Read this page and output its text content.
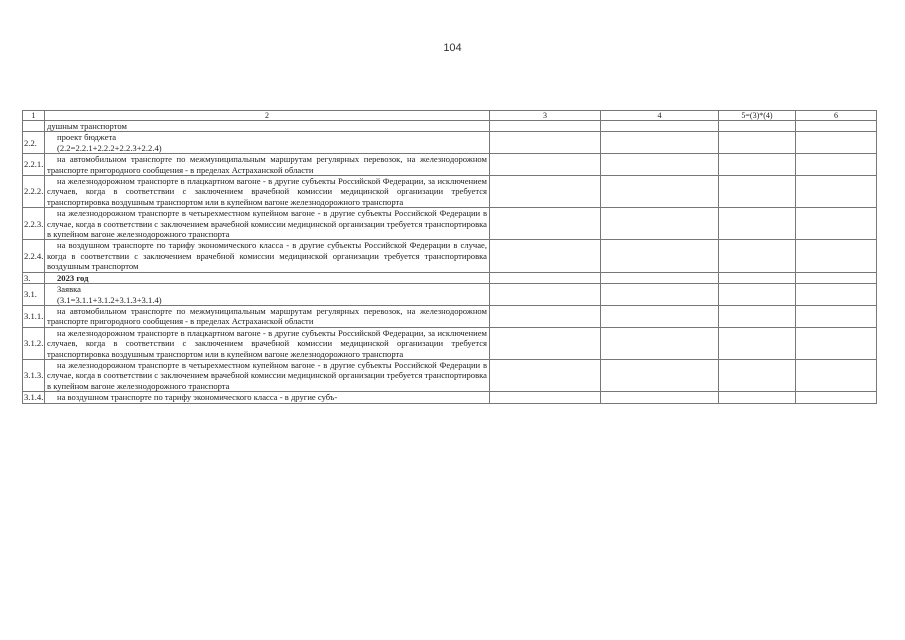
104
1	2	3	4	5=(3)*(4)	6
	душным транспортом				
2.2.	проект бюджета
(2.2=2.2.1+2.2.2+2.2.3+2.2.4)				
2.2.1.	на автомобильном транспорте по межмуниципальным маршрутам регулярных перевозок, на железнодорожном транспорте пригородного сообщения - в пределах Астраханской области				
2.2.2.	на железнодорожном транспорте в плацкартном вагоне - в другие субъекты Российской Федерации, за исключением случаев, когда в соответствии с заключением врачебной комиссии медицинской организации требуется транспортировка воздушным транспортом или в купейном вагоне железнодорожного транспорта				
2.2.3.	на железнодорожном транспорте в четырехместном купейном вагоне - в другие субъекты Российской Федерации в случае, когда в соответствии с заключением врачебной комиссии медицинской организации требуется транспортировка в купейном вагоне железнодорожного транспорта				
2.2.4.	на воздушном транспорте по тарифу экономического класса - в другие субъекты Российской Федерации в случае, когда в соответствии с заключением врачебной комиссии медицинской организации требуется транспортировка воздушным транспортом				
3.	2023 год				
3.1.	Заявка
(3.1=3.1.1+3.1.2+3.1.3+3.1.4)				
3.1.1.	на автомобильном транспорте по межмуниципальным маршрутам регулярных перевозок, на железнодорожном транспорте пригородного сообщения - в пределах Астраханской области				
3.1.2.	на железнодорожном транспорте в плацкартном вагоне - в другие субъекты Российской Федерации, за исключением случаев, когда в соответствии с заключением врачебной комиссии медицинской организации требуется транспортировка воздушным транспортом или в купейном вагоне железнодорожного транспорта				
3.1.3.	на железнодорожном транспорте в четырехместном купейном вагоне - в другие субъекты Российской Федерации в случае, когда в соответствии с заключением врачебной комиссии медицинской организации требуется транспортировка в купейном вагоне железнодорожного транспорта				
3.1.4.	на воздушном транспорте по тарифу экономического класса - в другие субъ-				
